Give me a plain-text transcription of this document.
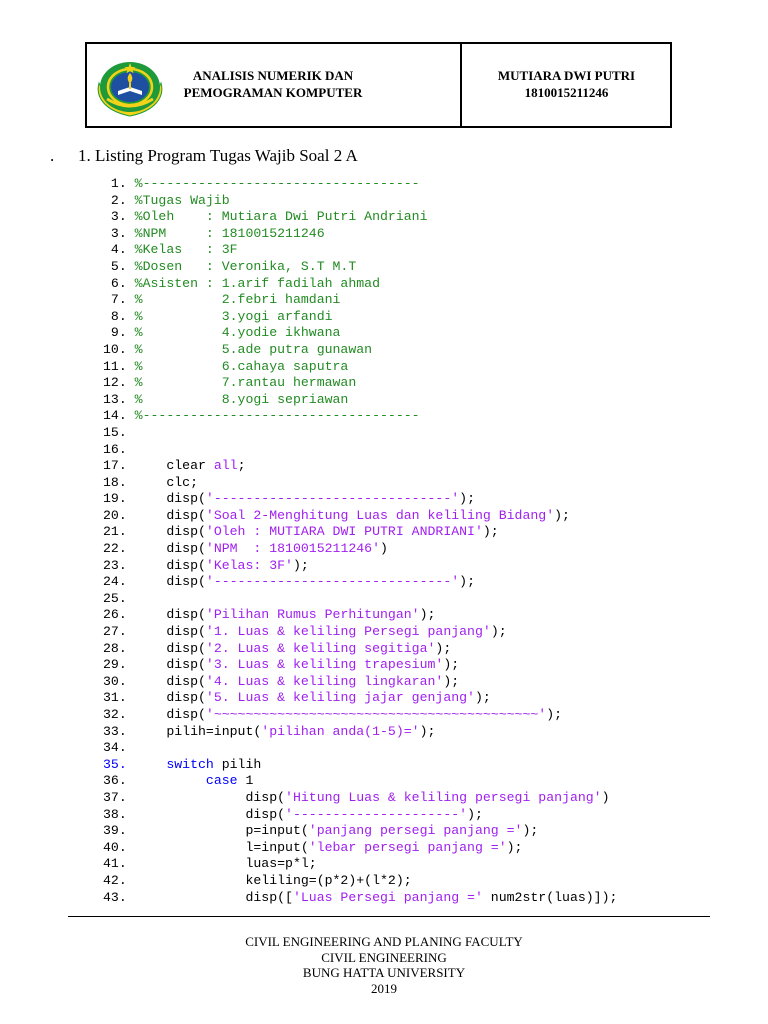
ANALISIS NUMERIK DAN
PEMOGRAMAN KOMPUTER
MUTIARA DWI PUTRI
1810015211246
. 1. Listing Program Tugas Wajib Soal 2 A
1. %-----------------------------------
2. %Tugas Wajib
3. %Oleh    : Mutiara Dwi Putri Andriani
3. %NPM     : 1810015211246
4. %Kelas   : 3F
5. %Dosen   : Veronika, S.T M.T
6. %Asisten : 1.arif fadilah ahmad
7. %          2.febri hamdani
8. %          3.yogi arfandi
9. %          4.yodie ikhwana
10. %          5.ade putra gunawan
11. %          6.cahaya saputra
12. %          7.rantau hermawan
13. %          8.yogi sepriawan
14. %-----------------------------------
15.
16.
17.     clear all;
18.     clc;
19.     disp('------------------------------');
20.     disp('Soal 2-Menghitung Luas dan keliling Bidang');
21.     disp('Oleh : MUTIARA DWI PUTRI ANDRIANI');
22.     disp('NPM  : 1810015211246')
23.     disp('Kelas: 3F');
24.     disp('------------------------------');
25.
26.     disp('Pilihan Rumus Perhitungan');
27.     disp('1. Luas & keliling Persegi panjang');
28.     disp('2. Luas & keliling segitiga');
29.     disp('3. Luas & keliling trapesium');
30.     disp('4. Luas & keliling lingkaran');
31.     disp('5. Luas & keliling jajar genjang');
32.     disp('~~~~~~~~~~~~~~~~~~~~~~~~~~~~~~~~~~~~~~~~~');
33.     pilih=input('pilihan anda(1-5)=');
34.
35.     switch pilih
36.	case 1
37.               disp('Hitung Luas & keliling persegi panjang')
38.               disp('---------------------');
39.               p=input('panjang persegi panjang =');
40.               l=input('lebar persegi panjang =');
41.               luas=p*l;
42.               keliling=(p*2)+(l*2);
43.               disp(['Luas Persegi panjang =' num2str(luas)]);
CIVIL ENGINEERING AND PLANING FACULTY
CIVIL ENGINEERING
BUNG HATTA UNIVERSITY
2019
